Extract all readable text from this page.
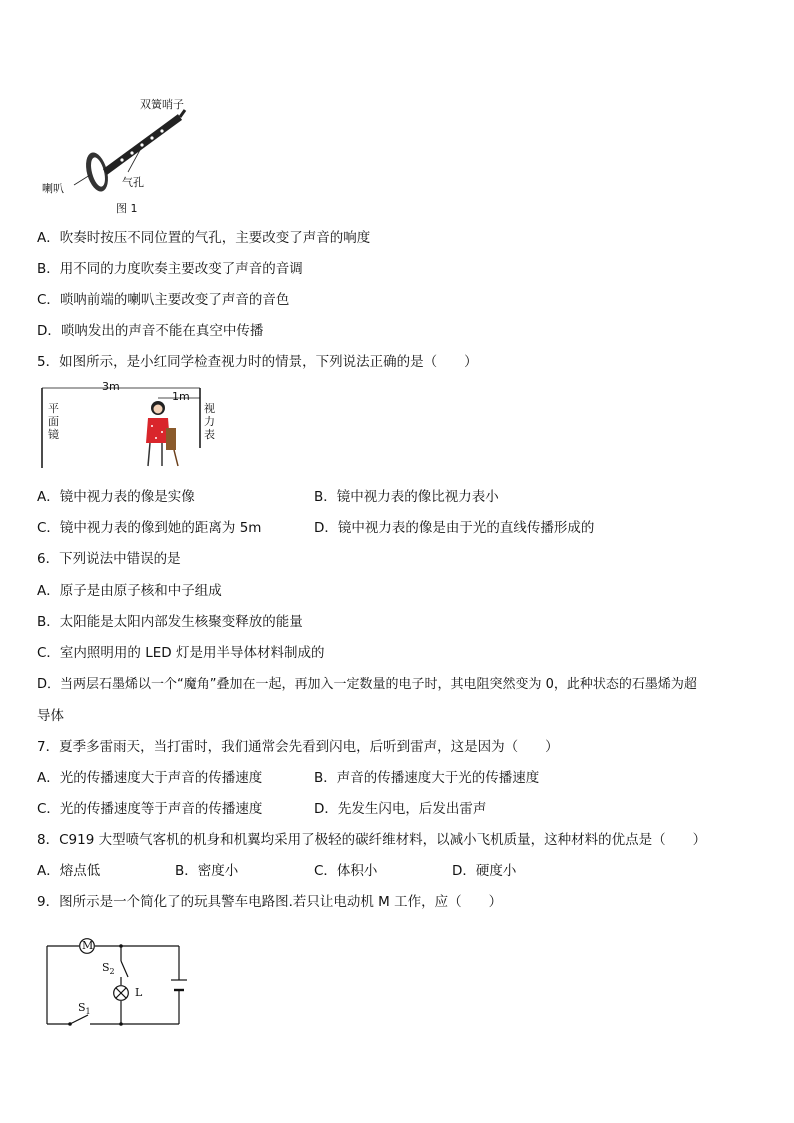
双簧哨子
喇叭	气孔
图 1
A．吹奏时按压不同位置的气孔，主要改变了声音的响度
B．用不同的力度吹奏主要改变了声音的音调
C．唢呐前端的喇叭主要改变了声音的音色
D．唢呐发出的声音不能在真空中传播
5．如图所示，是小红同学检查视力时的情景，下列说法正确的是（　　）
3m
1m
平面镜
视力表
A．镜中视力表的像是实像	B．镜中视力表的像比视力表小
C．镜中视力表的像到她的距离为 5m	D．镜中视力表的像是由于光的直线传播形成的
6．下列说法中错误的是
A．原子是由原子核和中子组成
B．太阳能是太阳内部发生核聚变释放的能量
C．室内照明用的 LED 灯是用半导体材料制成的
D．当两层石墨烯以一个“魔角”叠加在一起，再加入一定数量的电子时，其电阻突然变为 0，此种状态的石墨烯为超
导体
7．夏季多雷雨天，当打雷时，我们通常会先看到闪电，后听到雷声，这是因为（　　）
A．光的传播速度大于声音的传播速度	B．声音的传播速度大于光的传播速度
C．光的传播速度等于声音的传播速度	D．先发生闪电，后发出雷声
8．C919 大型喷气客机的机身和机翼均采用了极轻的碳纤维材料，以减小飞机质量，这种材料的优点是（　　）
A．熔点低	B．密度小	C．体积小	D．硬度小
9．图所示是一个简化了的玩具警车电路图.若只让电动机 M 工作，应（　　）
M
L
$S_2$
$S_1$
